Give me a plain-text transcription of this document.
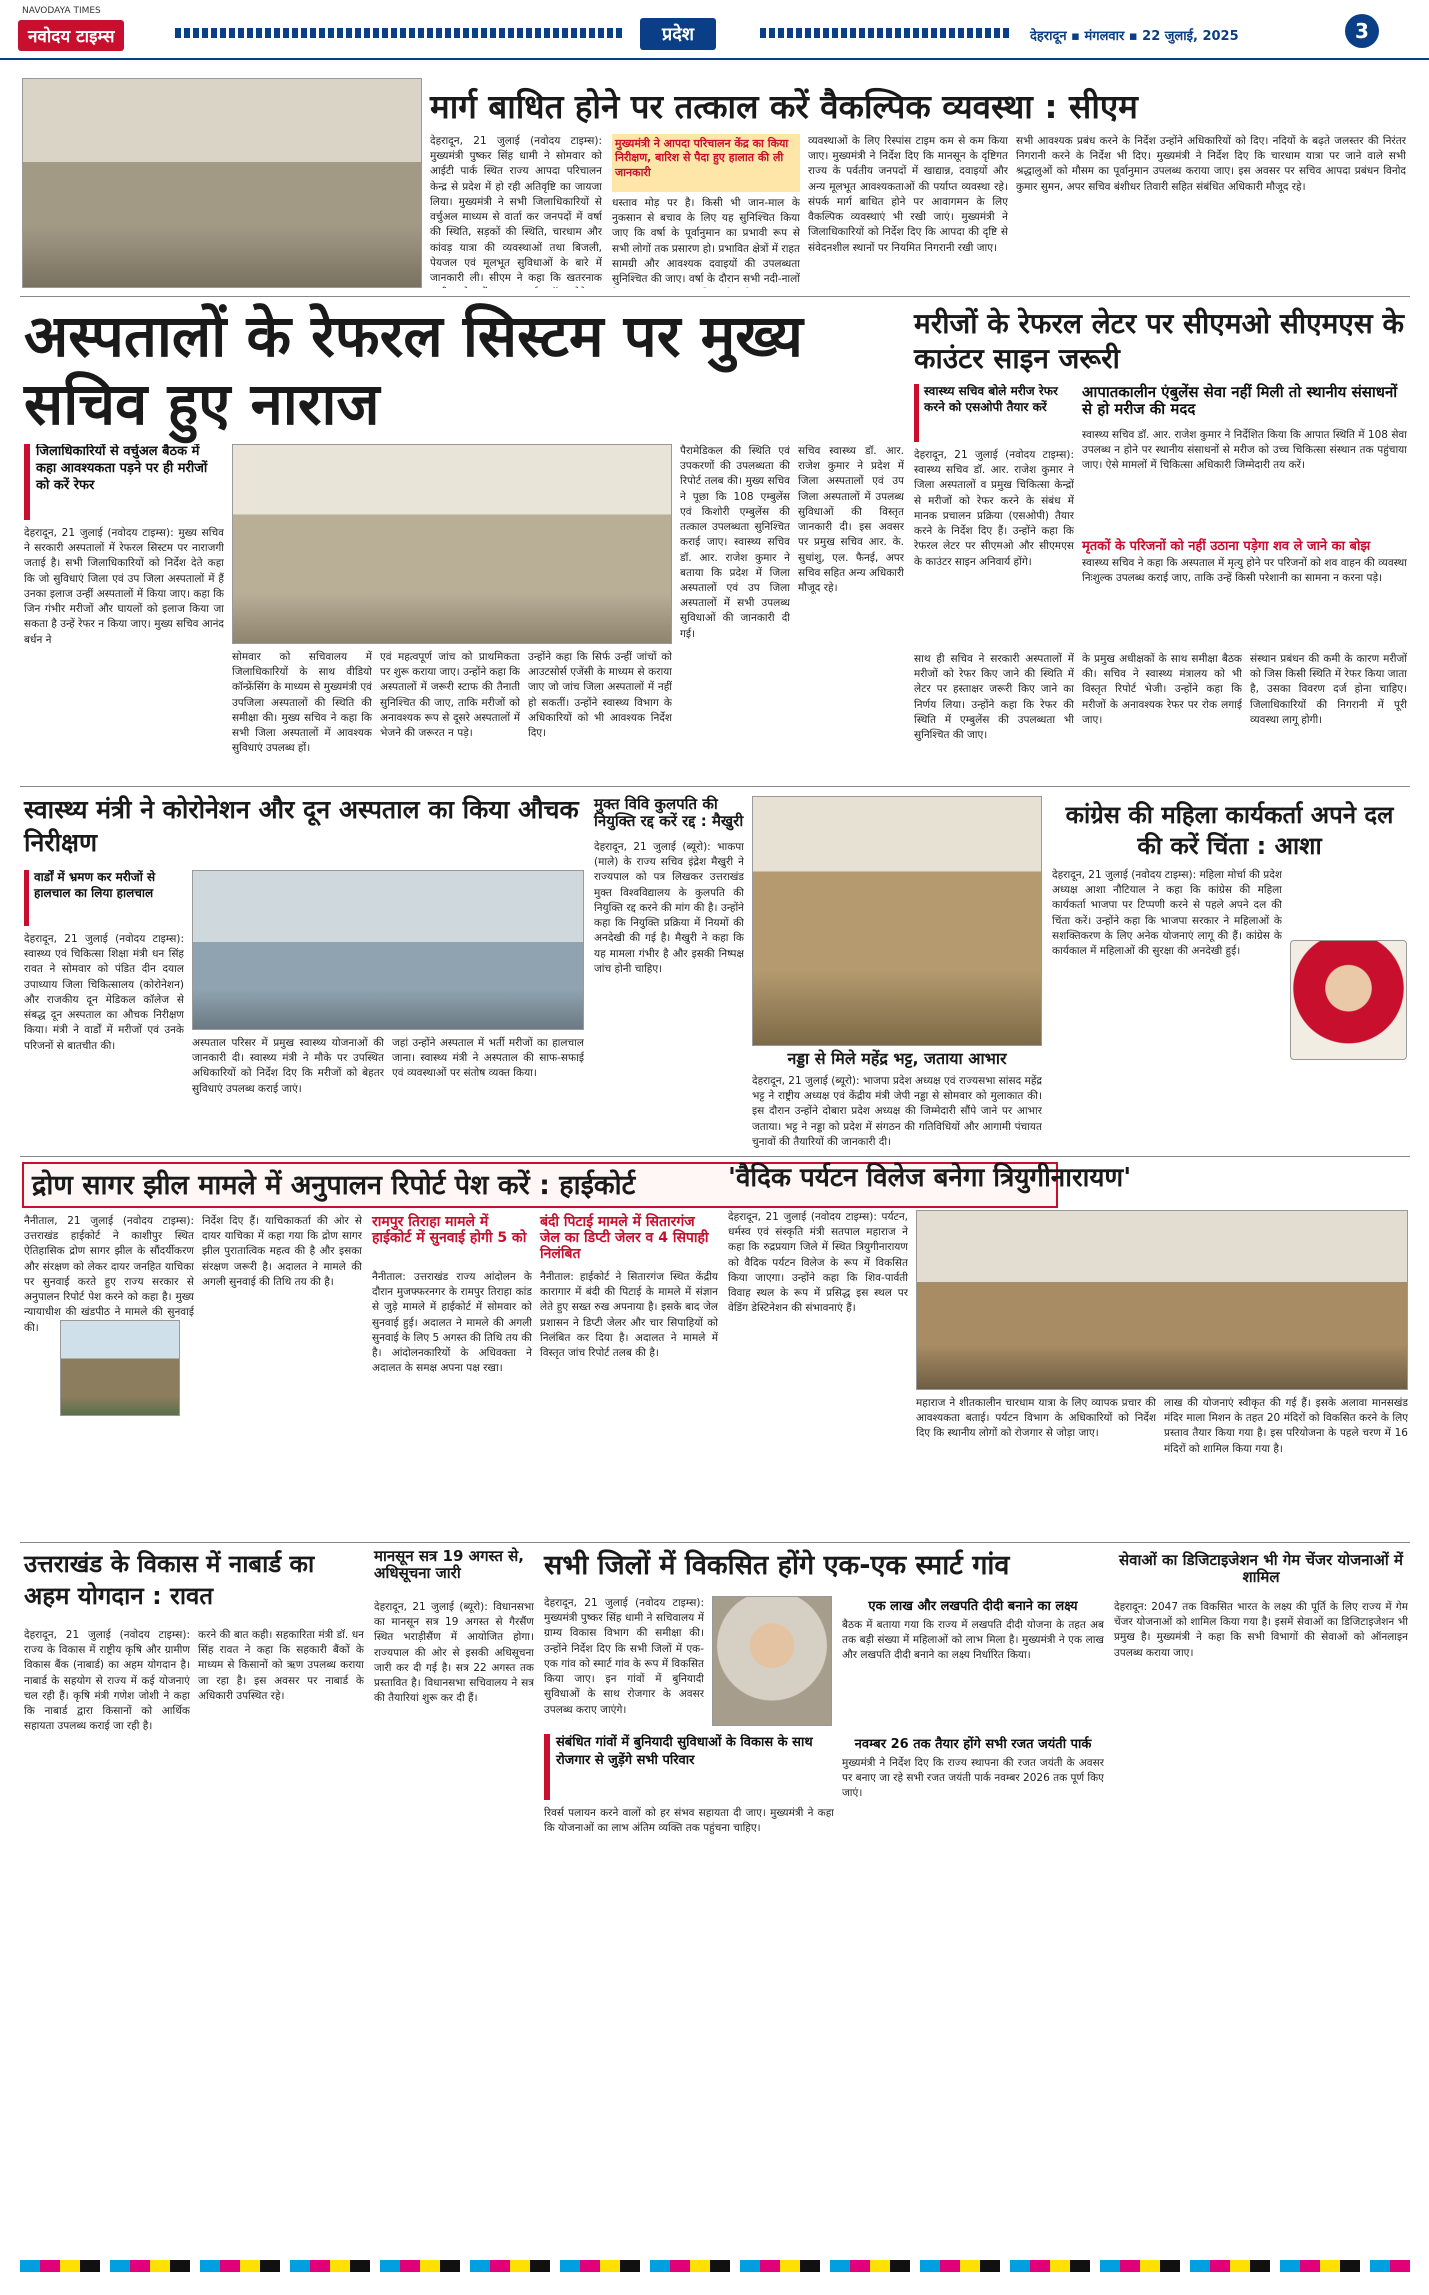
NAVODAYA TIMES
नवोदय टाइम्स	प्रदेश	देहरादून ▪ मंगलवार ▪ 22 जुलाई, 2025	3
मार्ग बाधित होने पर तत्काल करें वैकल्पिक व्यवस्था : सीएम
देहरादून, 21 जुलाई (नवोदय टाइम्स): मुख्यमंत्री पुष्कर सिंह धामी ने सोमवार को आईटी पार्क स्थित राज्य आपदा परिचालन केन्द्र से प्रदेश में हो रही अतिवृष्टि का जायजा लिया। मुख्यमंत्री ने सभी जिलाधिकारियों से वर्चुअल माध्यम से वार्ता कर जनपदों में वर्षा की स्थिति, सड़कों की स्थिति, चारधाम और कांवड़ यात्रा की व्यवस्थाओं तथा बिजली, पेयजल एवं मूलभूत सुविधाओं के बारे में जानकारी ली। सीएम ने कहा कि खतरनाक
मुख्यमंत्री ने आपदा परिचालन केंद्र का किया निरीक्षण, बारिश से पैदा हुए हालात की ली जानकारी
धस्ताव मोड़ पर है। किसी भी जान-माल के नुकसान से बचाव के लिए यह सुनिश्चित किया जाए कि वर्षा के पूर्वानुमान का प्रभावी रूप से सभी लोगों तक प्रसारण हो। प्रभावित क्षेत्रों में राहत सामग्री और आवश्यक दवाइयों की उपलब्धता सुनिश्चित की जाए। वर्षा के दौरान सभी नदी-नालों
व्यवस्थाओं के लिए रिस्पांस टाइम कम से कम किया जाए। मुख्यमंत्री ने निर्देश दिए कि मानसून के दृष्टिगत राज्य के पर्वतीय जनपदों में खाद्यान्न, दवाइयों और अन्य मूलभूत आवश्यकताओं की पर्याप्त व्यवस्था रहे। संपर्क मार्ग बाधित होने पर आवागमन के लिए वैकल्पिक व्यवस्थाएं भी रखी जाएं। मुख्यमंत्री ने जिलाधिकारियों को निर्देश दिए कि आपदा की दृष्टि से संवेदनशील स्थानों पर नियमित निगरानी रखी जाए।
सभी आवश्यक प्रबंध करने के निर्देश उन्होंने अधिकारियों को दिए। नदियों के बढ़ते जलस्तर की निरंतर निगरानी करने के निर्देश भी दिए। मुख्यमंत्री ने निर्देश दिए कि चारधाम यात्रा पर जाने वाले सभी श्रद्धालुओं को मौसम का पूर्वानुमान उपलब्ध कराया जाए। इस अवसर पर सचिव आपदा प्रबंधन विनोद कुमार सुमन, अपर सचिव बंशीधर तिवारी सहित संबंधित अधिकारी मौजूद रहे।
अस्पतालों के रेफरल सिस्टम पर मुख्य सचिव हुए नाराज
जिलाधिकारियों से वर्चुअल बैठक में कहा आवश्यकता पड़ने पर ही मरीजों को करें रेफर
देहरादून, 21 जुलाई (नवोदय टाइम्स): मुख्य सचिव ने सरकारी अस्पतालों में रेफरल सिस्टम पर नाराजगी जताई है। सभी जिलाधिकारियों को निर्देश देते कहा कि जो सुविधाएं जिला एवं उप जिला अस्पतालों में हैं उनका इलाज उन्हीं अस्पतालों में किया जाए। कहा कि जिन गंभीर मरीजों और घायलों को इलाज किया जा सकता है उन्हें रेफर न किया जाए। मुख्य सचिव आनंद बर्धन ने
सोमवार को सचिवालय में जिलाधिकारियों के साथ वीडियो कॉन्फ्रेंसिंग के माध्यम से मुख्यमंत्री एवं उपजिला अस्पतालों की स्थिति की समीक्षा की। मुख्य सचिव ने कहा कि सभी जिला अस्पतालों में आवश्यक सुविधाएं उपलब्ध हों।
एवं महत्वपूर्ण जांच को प्राथमिकता पर शुरू कराया जाए। उन्होंने कहा कि अस्पतालों में जरूरी स्टाफ की तैनाती सुनिश्चित की जाए, ताकि मरीजों को अनावश्यक रूप से दूसरे अस्पतालों में भेजने की जरूरत न पड़े।
उन्होंने कहा कि सिर्फ उन्हीं जांचों को आउटसोर्स एजेंसी के माध्यम से कराया जाए जो जांच जिला अस्पतालों में नहीं हो सकतीं। उन्होंने स्वास्थ्य विभाग के अधिकारियों को भी आवश्यक निर्देश दिए।
पैरामेडिकल की स्थिति एवं उपकरणों की उपलब्धता की रिपोर्ट तलब की। मुख्य सचिव ने पूछा कि 108 एम्बुलेंस एवं किशोरी एम्बुलेंस की तत्काल उपलब्धता सुनिश्चित कराई जाए। स्वास्थ्य सचिव डॉ. आर. राजेश कुमार ने बताया कि प्रदेश में जिला अस्पतालों एवं उप जिला अस्पतालों में सभी उपलब्ध सुविधाओं की जानकारी दी गई।
सचिव स्वास्थ्य डॉ. आर. राजेश कुमार ने प्रदेश में जिला अस्पतालों एवं उप जिला अस्पतालों में उपलब्ध सुविधाओं की विस्तृत जानकारी दी। इस अवसर पर प्रमुख सचिव आर. के. सुधांशु, एल. फैनई, अपर सचिव सहित अन्य अधिकारी मौजूद रहे।
मरीजों के रेफरल लेटर पर सीएमओ सीएमएस के काउंटर साइन जरूरी
स्वास्थ्य सचिव बोले मरीज रेफर करने को एसओपी तैयार करें
देहरादून, 21 जुलाई (नवोदय टाइम्स): स्वास्थ्य सचिव डॉ. आर. राजेश कुमार ने जिला अस्पतालों व प्रमुख चिकित्सा केन्द्रों से मरीजों को रेफर करने के संबंध में मानक प्रचालन प्रक्रिया (एसओपी) तैयार करने के निर्देश दिए हैं। उन्होंने कहा कि रेफरल लेटर पर सीएमओ और सीएमएस के काउंटर साइन अनिवार्य होंगे।
आपातकालीन एंबुलेंस सेवा नहीं मिली तो स्थानीय संसाधनों से हो मरीज की मदद
स्वास्थ्य सचिव डॉ. आर. राजेश कुमार ने निर्देशित किया कि आपात स्थिति में 108 सेवा उपलब्ध न होने पर स्थानीय संसाधनों से मरीज को उच्च चिकित्सा संस्थान तक पहुंचाया जाए। ऐसे मामलों में चिकित्सा अधिकारी जिम्मेदारी तय करें।
मृतकों के परिजनों को नहीं उठाना पड़ेगा शव ले जाने का बोझ
स्वास्थ्य सचिव ने कहा कि अस्पताल में मृत्यु होने पर परिजनों को शव वाहन की व्यवस्था निःशुल्क उपलब्ध कराई जाए, ताकि उन्हें किसी परेशानी का सामना न करना पड़े।
साथ ही सचिव ने सरकारी अस्पतालों में मरीजों को रेफर किए जाने की स्थिति में लेटर पर हस्ताक्षर जरूरी किए जाने का निर्णय लिया। उन्होंने कहा कि रेफर की स्थिति में एम्बुलेंस की उपलब्धता भी सुनिश्चित की जाए।
के प्रमुख अधीक्षकों के साथ समीक्षा बैठक की। सचिव ने स्वास्थ्य मंत्रालय को भी विस्तृत रिपोर्ट भेजी। उन्होंने कहा कि मरीजों के अनावश्यक रेफर पर रोक लगाई जाए।
संस्थान प्रबंधन की कमी के कारण मरीजों को जिस किसी स्थिति में रेफर किया जाता है, उसका विवरण दर्ज होना चाहिए। जिलाधिकारियों की निगरानी में पूरी व्यवस्था लागू होगी।
स्वास्थ्य मंत्री ने कोरोनेशन और दून अस्पताल का किया औचक निरीक्षण
वार्डों में भ्रमण कर मरीजों से हालचाल का लिया हालचाल
देहरादून, 21 जुलाई (नवोदय टाइम्स): स्वास्थ्य एवं चिकित्सा शिक्षा मंत्री धन सिंह रावत ने सोमवार को पंडित दीन दयाल उपाध्याय जिला चिकित्सालय (कोरोनेशन) और राजकीय दून मेडिकल कॉलेज से संबद्ध दून अस्पताल का औचक निरीक्षण किया। मंत्री ने वार्डों में मरीजों एवं उनके परिजनों से बातचीत की।	अस्पताल परिसर में प्रमुख स्वास्थ्य योजनाओं की जानकारी दी। स्वास्थ्य मंत्री ने मौके पर उपस्थित अधिकारियों को निर्देश दिए कि मरीजों को बेहतर सुविधाएं उपलब्ध कराई जाएं।
जहां उन्होंने अस्पताल में भर्ती मरीजों का हालचाल जाना। स्वास्थ्य मंत्री ने अस्पताल की साफ-सफाई एवं व्यवस्थाओं पर संतोष व्यक्त किया।
मुक्त विवि कुलपति की नियुक्ति रद्द करें रद्द : मैखुरी
देहरादून, 21 जुलाई (ब्यूरो): भाकपा (माले) के राज्य सचिव इंद्रेश मैखुरी ने राज्यपाल को पत्र लिखकर उत्तराखंड मुक्त विश्वविद्यालय के कुलपति की नियुक्ति रद्द करने की मांग की है। उन्होंने कहा कि नियुक्ति प्रक्रिया में नियमों की अनदेखी की गई है। मैखुरी ने कहा कि यह मामला गंभीर है और इसकी निष्पक्ष जांच होनी चाहिए।
नड्डा से मिले महेंद्र भट्ट, जताया आभार
देहरादून, 21 जुलाई (ब्यूरो): भाजपा प्रदेश अध्यक्ष एवं राज्यसभा सांसद महेंद्र भट्ट ने राष्ट्रीय अध्यक्ष एवं केंद्रीय मंत्री जेपी नड्डा से सोमवार को मुलाकात की। इस दौरान उन्होंने दोबारा प्रदेश अध्यक्ष की जिम्मेदारी सौंपे जाने पर आभार जताया। भट्ट ने नड्डा को प्रदेश में संगठन की गतिविधियों और आगामी पंचायत चुनावों की तैयारियों की जानकारी दी।
कांग्रेस की महिला कार्यकर्ता अपने दल की करें चिंता : आशा
देहरादून, 21 जुलाई (नवोदय टाइम्स): महिला मोर्चा की प्रदेश अध्यक्ष आशा नौटियाल ने कहा कि कांग्रेस की महिला कार्यकर्ता भाजपा पर टिप्पणी करने से पहले अपने दल की चिंता करें। उन्होंने कहा कि भाजपा सरकार ने महिलाओं के सशक्तिकरण के लिए अनेक योजनाएं लागू की हैं। कांग्रेस के कार्यकाल में महिलाओं की सुरक्षा की अनदेखी हुई।
द्रोण सागर झील मामले में अनुपालन रिपोर्ट पेश करें : हाईकोर्ट
नैनीताल, 21 जुलाई (नवोदय टाइम्स): उत्तराखंड हाईकोर्ट ने काशीपुर स्थित ऐतिहासिक द्रोण सागर झील के सौंदर्यीकरण और संरक्षण को लेकर दायर जनहित याचिका पर सुनवाई करते हुए राज्य सरकार से अनुपालन रिपोर्ट पेश करने को कहा है। मुख्य न्यायाधीश की खंडपीठ ने मामले की सुनवाई की।
निर्देश दिए हैं। याचिकाकर्ता की ओर से दायर याचिका में कहा गया कि द्रोण सागर झील पुरातात्विक महत्व की है और इसका संरक्षण जरूरी है। अदालत ने मामले की अगली सुनवाई की तिथि तय की है।
रामपुर तिराहा मामले में हाईकोर्ट में सुनवाई होगी 5 को
नैनीताल: उत्तराखंड राज्य आंदोलन के दौरान मुजफ्फरनगर के रामपुर तिराहा कांड से जुड़े मामले में हाईकोर्ट में सोमवार को सुनवाई हुई। अदालत ने मामले की अगली सुनवाई के लिए 5 अगस्त की तिथि तय की है। आंदोलनकारियों के अधिवक्ता ने अदालत के समक्ष अपना पक्ष रखा।
बंदी पिटाई मामले में सितारगंज जेल का डिप्टी जेलर व 4 सिपाही निलंबित
नैनीताल: हाईकोर्ट ने सितारगंज स्थित केंद्रीय कारागार में बंदी की पिटाई के मामले में संज्ञान लेते हुए सख्त रुख अपनाया है। इसके बाद जेल प्रशासन ने डिप्टी जेलर और चार सिपाहियों को निलंबित कर दिया है। अदालत ने मामले में विस्तृत जांच रिपोर्ट तलब की है।
'वैदिक पर्यटन विलेज बनेगा त्रियुगीनारायण'
देहरादून, 21 जुलाई (नवोदय टाइम्स): पर्यटन, धर्मस्व एवं संस्कृति मंत्री सतपाल महाराज ने कहा कि रुद्रप्रयाग जिले में स्थित त्रियुगीनारायण को वैदिक पर्यटन विलेज के रूप में विकसित किया जाएगा। उन्होंने कहा कि शिव-पार्वती विवाह स्थल के रूप में प्रसिद्ध इस स्थल पर वेडिंग डेस्टिनेशन की संभावनाएं हैं।
महाराज ने शीतकालीन चारधाम यात्रा के लिए व्यापक प्रचार की आवश्यकता बताई। पर्यटन विभाग के अधिकारियों को निर्देश दिए कि स्थानीय लोगों को रोजगार से जोड़ा जाए।
लाख की योजनाएं स्वीकृत की गई हैं। इसके अलावा मानसखंड मंदिर माला मिशन के तहत 20 मंदिरों को विकसित करने के लिए प्रस्ताव तैयार किया गया है। इस परियोजना के पहले चरण में 16 मंदिरों को शामिल किया गया है।
उत्तराखंड के विकास में नाबार्ड का अहम योगदान : रावत
देहरादून, 21 जुलाई (नवोदय टाइम्स): राज्य के विकास में राष्ट्रीय कृषि और ग्रामीण विकास बैंक (नाबार्ड) का अहम योगदान है। नाबार्ड के सहयोग से राज्य में कई योजनाएं चल रही हैं। कृषि मंत्री गणेश जोशी ने कहा कि नाबार्ड द्वारा किसानों को आर्थिक सहायता उपलब्ध कराई जा रही है।
करने की बात कही। सहकारिता मंत्री डॉ. धन सिंह रावत ने कहा कि सहकारी बैंकों के माध्यम से किसानों को ऋण उपलब्ध कराया जा रहा है। इस अवसर पर नाबार्ड के अधिकारी उपस्थित रहे।
मानसून सत्र 19 अगस्त से, अधिसूचना जारी
देहरादून, 21 जुलाई (ब्यूरो): विधानसभा का मानसून सत्र 19 अगस्त से गैरसैंण स्थित भराड़ीसैंण में आयोजित होगा। राज्यपाल की ओर से इसकी अधिसूचना जारी कर दी गई है। सत्र 22 अगस्त तक प्रस्तावित है। विधानसभा सचिवालय ने सत्र की तैयारियां शुरू कर दी हैं।
सभी जिलों में विकसित होंगे एक-एक स्मार्ट गांव
देहरादून, 21 जुलाई (नवोदय टाइम्स): मुख्यमंत्री पुष्कर सिंह धामी ने सचिवालय में ग्राम्य विकास विभाग की समीक्षा की। उन्होंने निर्देश दिए कि सभी जिलों में एक-एक गांव को स्मार्ट गांव के रूप में विकसित किया जाए। इन गांवों में बुनियादी सुविधाओं के साथ रोजगार के अवसर उपलब्ध कराए जाएंगे।
संबंधित गांवों में बुनियादी सुविधाओं के विकास के साथ रोजगार से जुड़ेंगे सभी परिवार
रिवर्स पलायन करने वालों को हर संभव सहायता दी जाए। मुख्यमंत्री ने कहा कि योजनाओं का लाभ अंतिम व्यक्ति तक पहुंचना चाहिए।
एक लाख और लखपति दीदी बनाने का लक्ष्य
बैठक में बताया गया कि राज्य में लखपति दीदी योजना के तहत अब तक बड़ी संख्या में महिलाओं को लाभ मिला है। मुख्यमंत्री ने एक लाख और लखपति दीदी बनाने का लक्ष्य निर्धारित किया।
नवम्बर 26 तक तैयार होंगे सभी रजत जयंती पार्क
मुख्यमंत्री ने निर्देश दिए कि राज्य स्थापना की रजत जयंती के अवसर पर बनाए जा रहे सभी रजत जयंती पार्क नवम्बर 2026 तक पूर्ण किए जाएं।
सेवाओं का डिजिटाइजेशन भी गेम चेंजर योजनाओं में शामिल
देहरादून: 2047 तक विकसित भारत के लक्ष्य की पूर्ति के लिए राज्य में गेम चेंजर योजनाओं को शामिल किया गया है। इसमें सेवाओं का डिजिटाइजेशन भी प्रमुख है। मुख्यमंत्री ने कहा कि सभी विभागों की सेवाओं को ऑनलाइन उपलब्ध कराया जाए।
